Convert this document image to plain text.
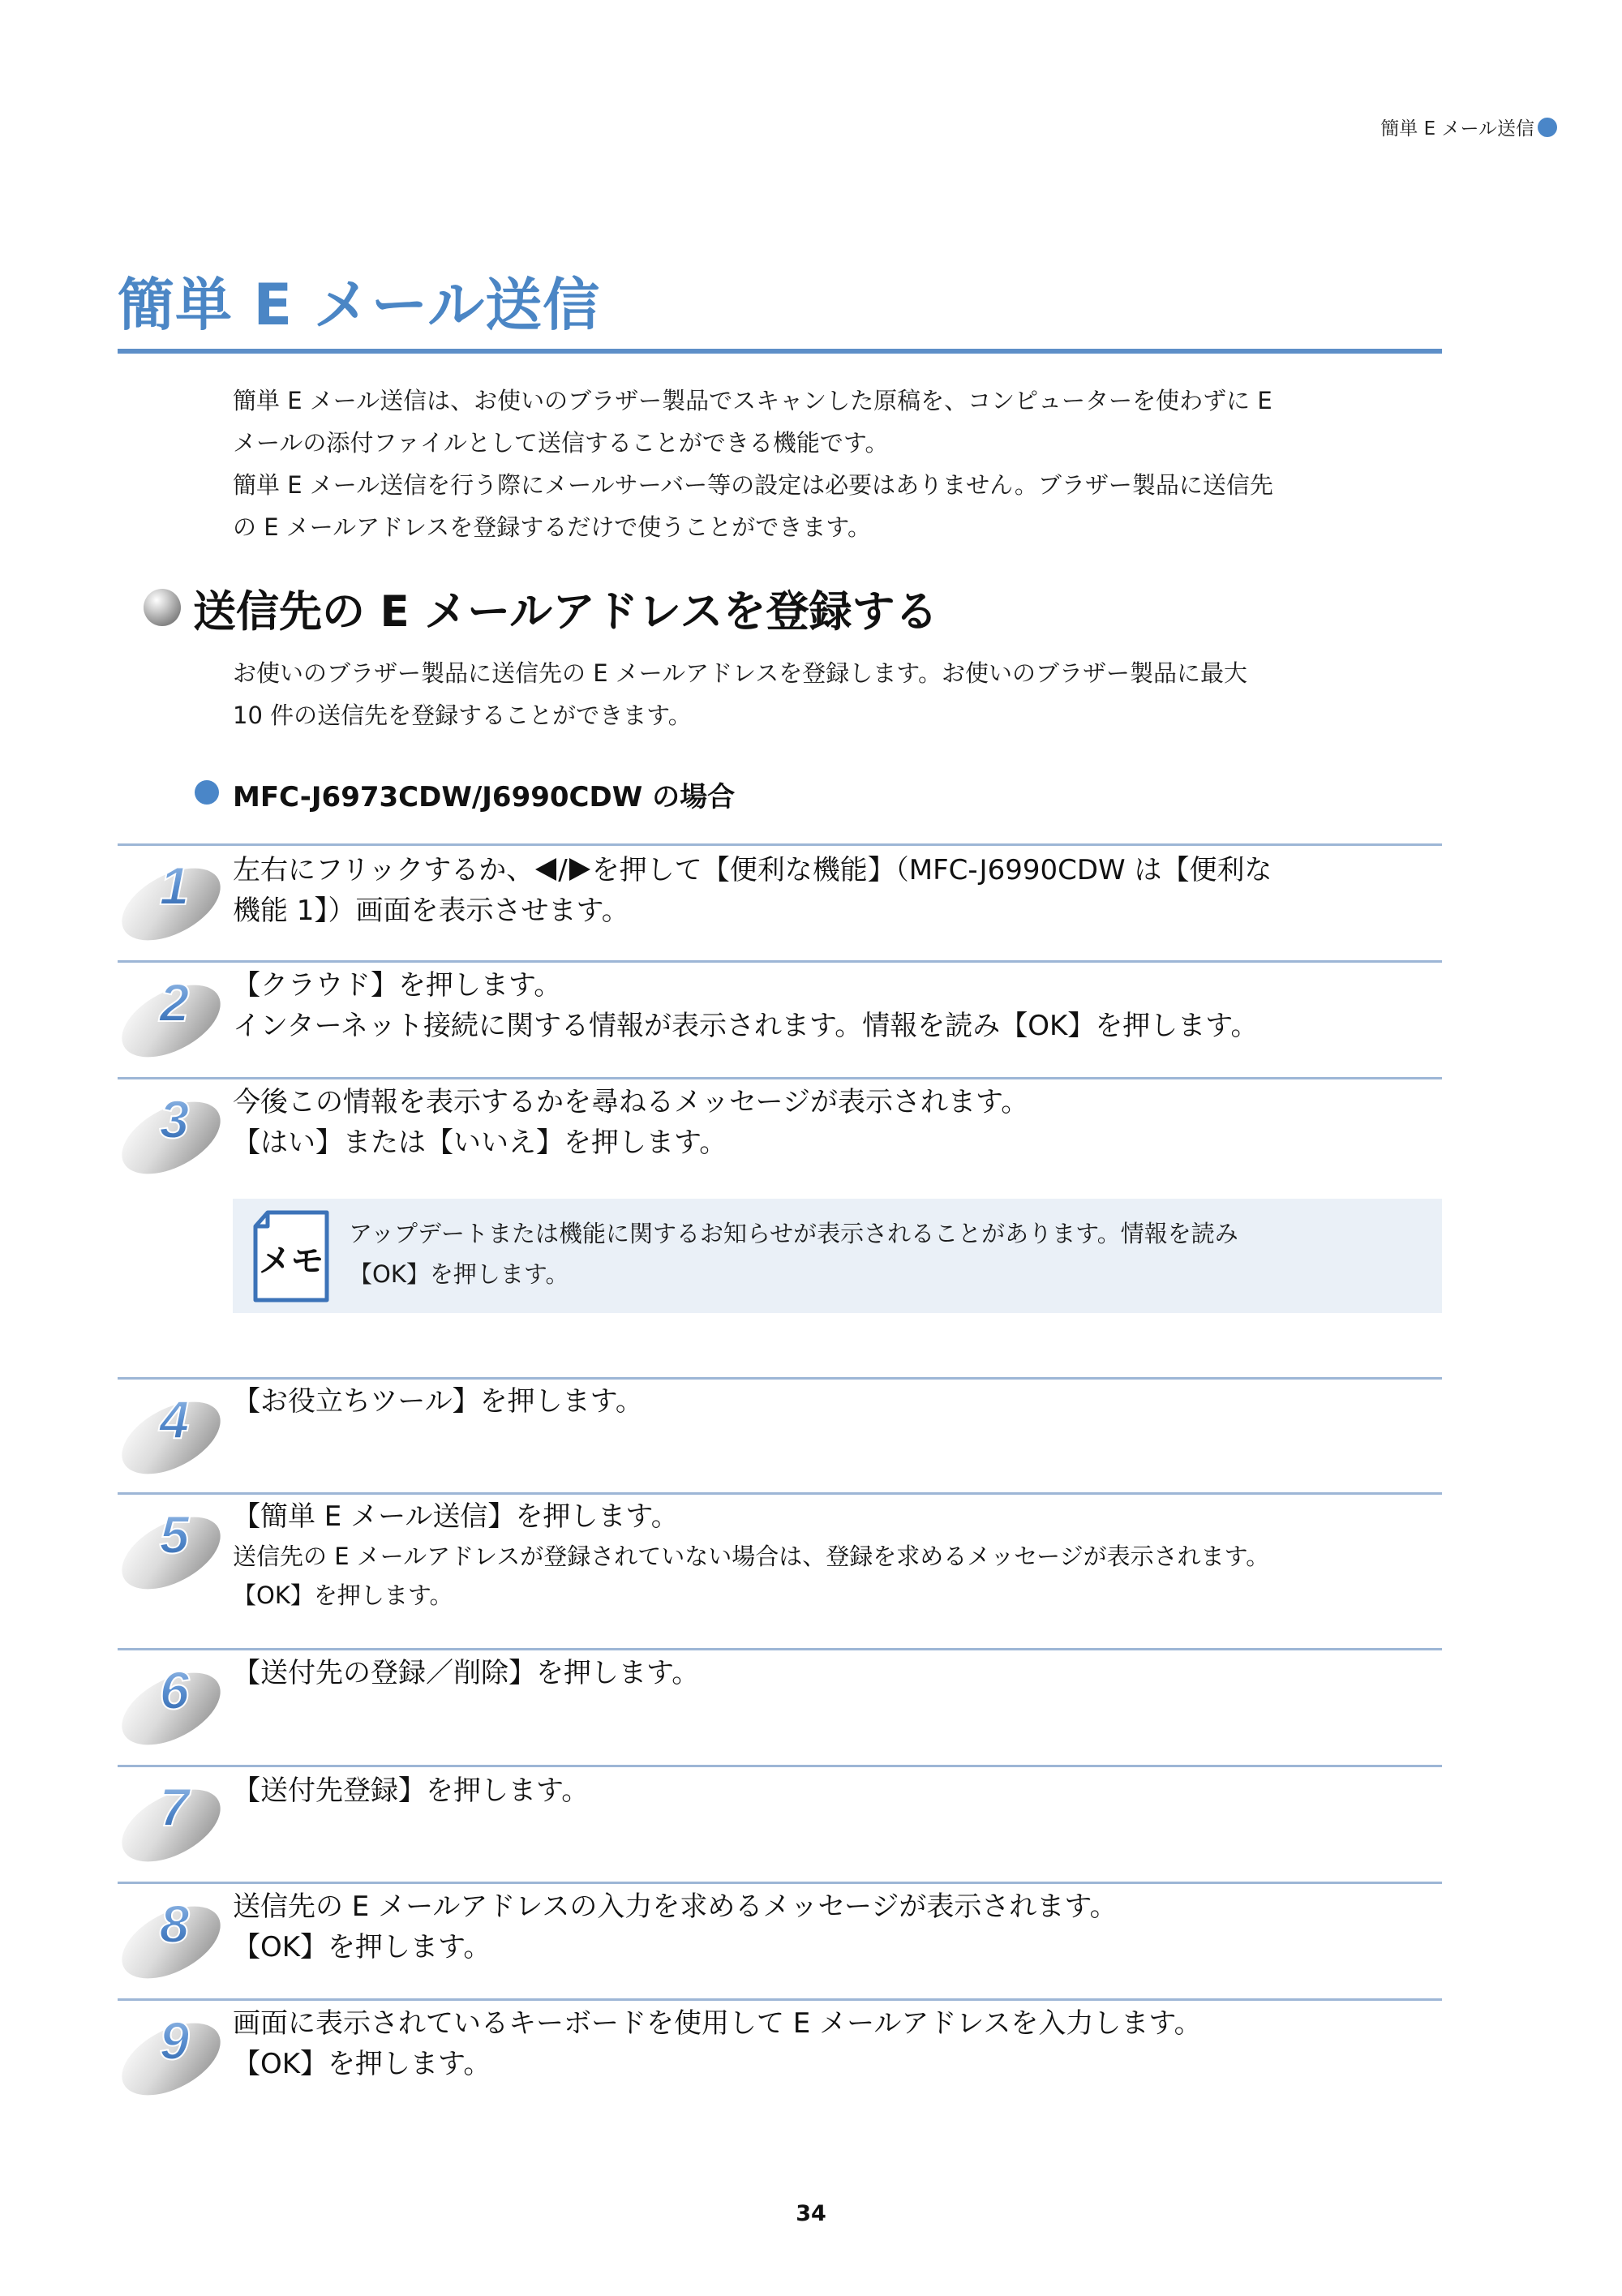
簡単 E メール送信
簡単 E メール送信
簡単 E メール送信は、お使いのブラザー製品でスキャンした原稿を、コンピューターを使わずに E
メールの添付ファイルとして送信することができる機能です。
簡単 E メール送信を行う際にメールサーバー等の設定は必要はありません。ブラザー製品に送信先
の E メールアドレスを登録するだけで使うことができます。
送信先の E メールアドレスを登録する
お使いのブラザー製品に送信先の E メールアドレスを登録します。お使いのブラザー製品に最大
10 件の送信先を登録することができます。
MFC-J6973CDW/J6990CDW の場合
1 左右にフリックするか、 / を押して【便利な機能】（MFC-J6990CDW は【便利な
機能 1】）画面を表示させます。
2 【クラウド】を押します。
インターネット接続に関する情報が表示されます。情報を読み【OK】を押します。
3 今後この情報を表示するかを尋ねるメッセージが表示されます。
【はい】または【いいえ】を押します。
メモ
アップデートまたは機能に関するお知らせが表示されることがあります。情報を読み
【OK】を押します。
4 【お役立ちツール】を押します。
5 【簡単 E メール送信】を押します。
送信先の E メールアドレスが登録されていない場合は、登録を求めるメッセージが表示されます。
【OK】を押します。
6 【送付先の登録／削除】を押します。
7 【送付先登録】を押します。
8 送信先の E メールアドレスの入力を求めるメッセージが表示されます。
【OK】を押します。
9 画面に表示されているキーボードを使用して E メールアドレスを入力します。
【OK】を押します。
34
